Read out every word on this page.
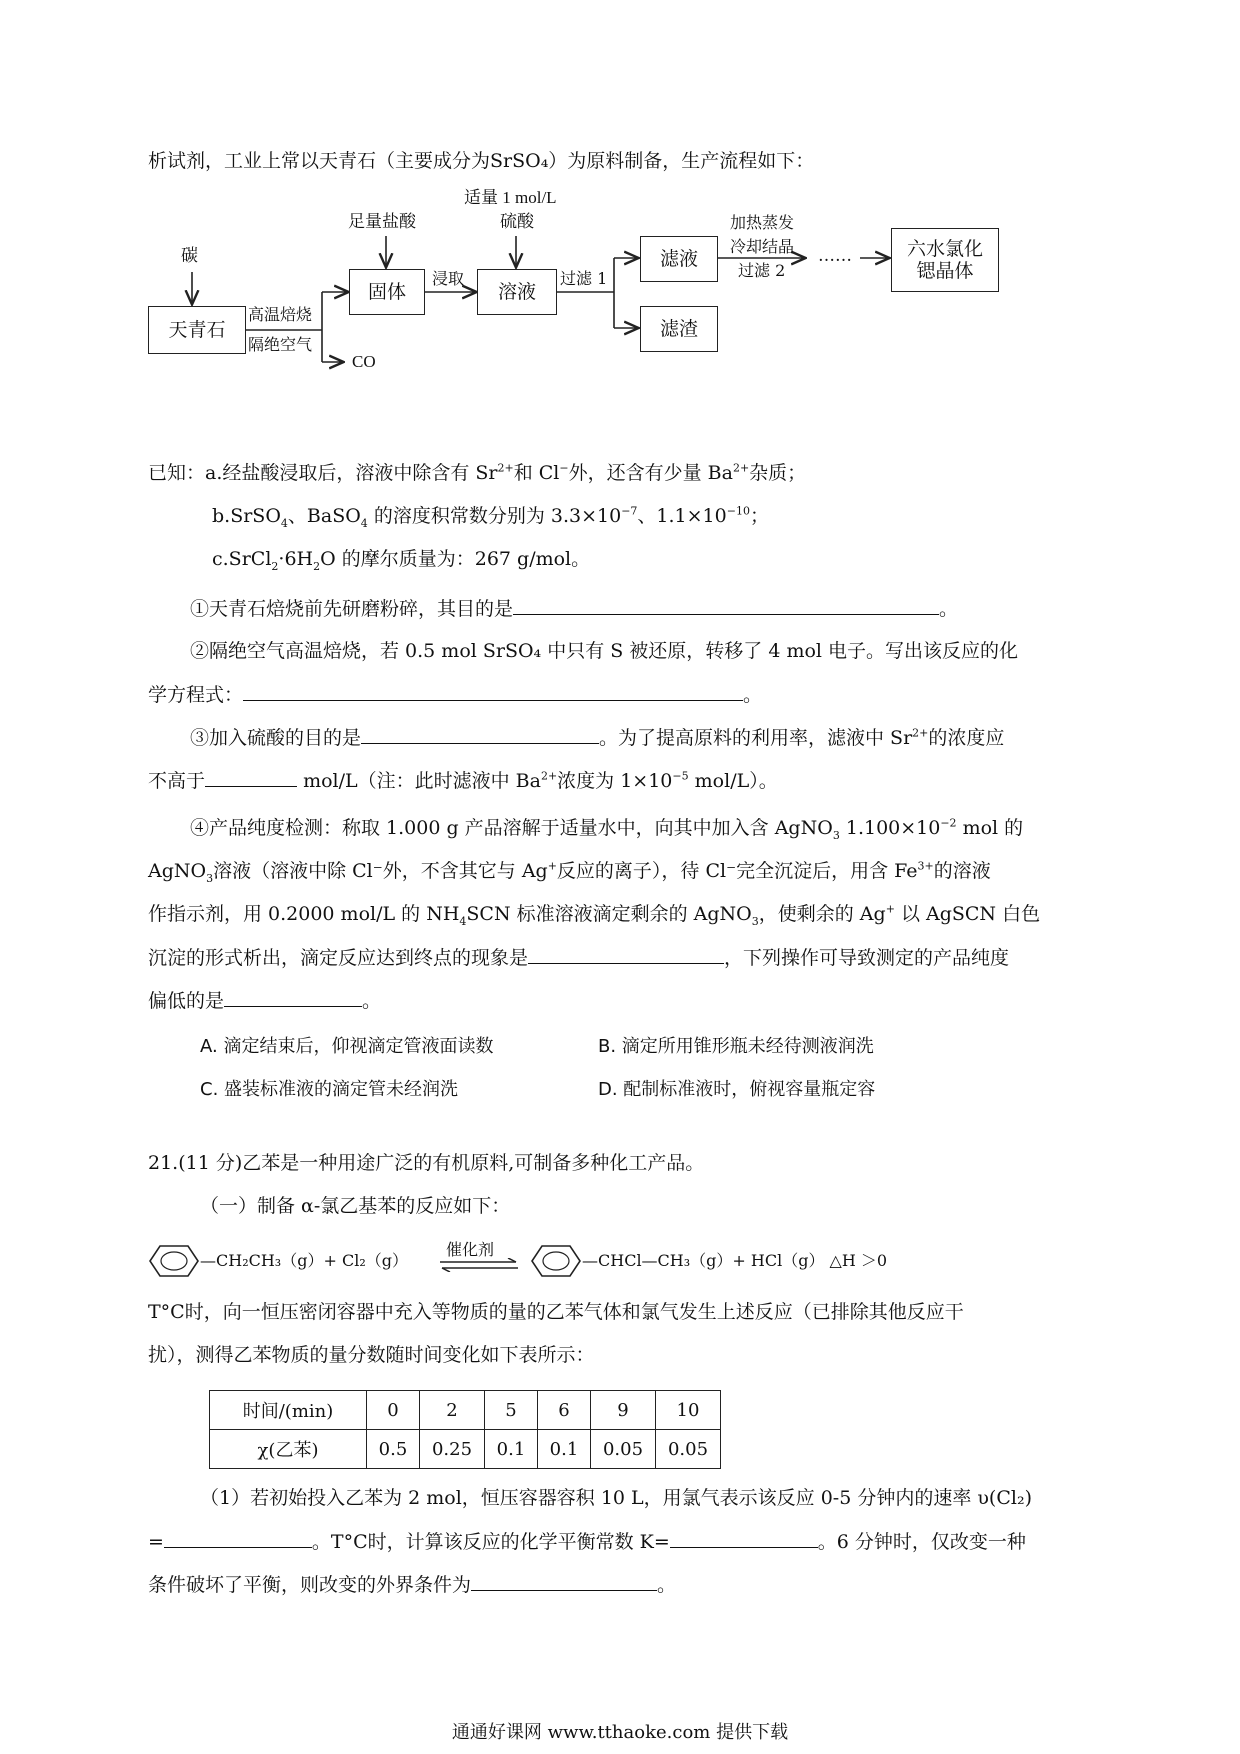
析试剂，工业上常以天青石（主要成分为SrSO₄）为原料制备，生产流程如下：
碳
天青石
高温焙烧
隔绝空气
CO
足量盐酸
固体
浸取
适量 1 mol/L
硫酸
溶液
过滤 1
滤液
滤渣
加热蒸发
冷却结晶
过滤 2
……	六水氯化
锶晶体
已知：a.经盐酸浸取后，溶液中除含有 $Sr^{2+}$和 Cl−外，还含有少量 $Ba^{2+}$杂质；
b.SrSO$_4$、BaSO$_4$ 的溶度积常数分别为 $3.3\times 10^{-7}$、$1.1\times 10^{-10}$；
$c.SrCl_2\cdot 6H_2O$ 的摩尔质量为：267 g/mol。
①天青石焙烧前先研磨粉碎，其目的是	。
②隔绝空气高温焙烧，若 0.5 mol SrSO₄ 中只有 S 被还原，转移了 4 mol 电子。写出该反应的化
学方程式：	。
③加入硫酸的目的是	。为了提高原料的利用率，滤液中 $Sr^{2+}$的浓度应
不高于	mol/L（注：此时滤液中 $Ba^{2+}$浓度为 $1\times 10^{-5}$ mol/L）。
④产品纯度检测：称取 1.000 g 产品溶解于适量水中，向其中加入含 AgNO$_3$ $1.100\times 10^{-2}$ mol 的
AgNO$_3$溶液（溶液中除 Cl⁻外，不含其它与 Ag+反应的离子），待 Cl⁻完全沉淀后，用含 $Fe^{3+}$的溶液
作指示剂，用 0.2000 mol/L 的 $NH_4SCN$ 标准溶液滴定剩余的 AgNO$_3$，使剩余的 Ag+ 以 AgSCN 白色
沉淀的形式析出，滴定反应达到终点的现象是	，下列操作可导致测定的产品纯度
偏低的是	。
A. 滴定结束后，仰视滴定管液面读数	B. 滴定所用锥形瓶未经待测液润洗
C. 盛装标准液的滴定管未经润洗	D. 配制标准液时，俯视容量瓶定容
21.(11 分)乙苯是一种用途广泛的有机原料,可制备多种化工产品。
（一）制备 α-氯乙基苯的反应如下：
—CH₂CH₃（g）+ Cl₂（g）
催化剂
—CHCl—CH₃（g）+ HCl（g） △H ＞0
T°C时，向一恒压密闭容器中充入等物质的量的乙苯气体和氯气发生上述反应（已排除其他反应干
扰），测得乙苯物质的量分数随时间变化如下表所示：
时间/(min)	0	2	5	6	9	10
χ(乙苯)	0.5	0.25	0.1	0.1	0.05	0.05
（1）若初始投入乙苯为 2 mol，恒压容器容积 10 L，用氯气表示该反应 0-5 分钟内的速率 υ(Cl₂)
=	。T°C时，计算该反应的化学平衡常数 K=	。6 分钟时，仅改变一种
条件破坏了平衡，则改变的外界条件为	。
通通好课网 www.tthaoke.com 提供下载
